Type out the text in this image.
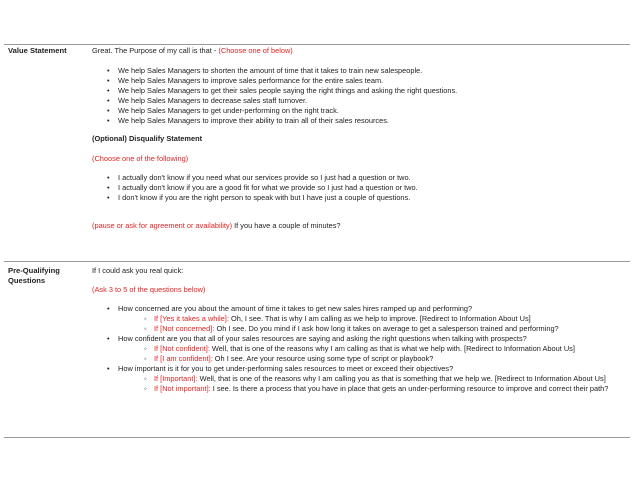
Value Statement	Great. The Purpose of my call is that - (Choose one of below)

• We help Sales Managers to shorten the amount of time that it takes to train new salespeople.
• We help Sales Managers to improve sales performance for the entire sales team.
• We help Sales Managers to get their sales people saying the right things and asking the right questions.
• We help Sales Managers to decrease sales staff turnover.
• We help Sales Managers to get under-performing on the right track.
• We help Sales Managers to improve their ability to train all of their sales resources.

(Optional) Disqualify Statement

(Choose one of the following)

• I actually don't know if you need what our services provide so I just had a question or two.
• I actually don't know if you are a good fit for what we provide so I just had a question or two.
• I don't know if you are the right person to speak with but I have just a couple of questions.

(pause or ask for agreement or availability) If you have a couple of minutes?

Pre-Qualifying Questions

If I could ask you real quick:

(Ask 3 to 5 of the questions below)

• How concerned are you about the amount of time it takes to get new sales hires ramped up and performing?
◦ If [Yes it takes a while]: Oh, I see. That is why I am calling as we help to improve. [Redirect to Information About Us]
◦ If [Not concerned]: Oh I see. Do you mind if I ask how long it takes on average to get a salesperson trained and performing?
• How confident are you that all of your sales resources are saying and asking the right questions when talking with prospects?
◦ If [Not confident]: Well, that is one of the reasons why I am calling as that is what we help with. [Redirect to Information About Us]
◦ If [I am confident]: Oh I see. Are your resource using some type of script or playbook?
• How important is it for you to get under-performing sales resources to meet or exceed their objectives?
◦ If [Important]: Well, that is one of the reasons why I am calling you as that is something that we help we. [Redirect to Information About Us]
◦ If [Not important]: I see. Is there a process that you have in place that gets an under-performing resource to improve and correct their path?
